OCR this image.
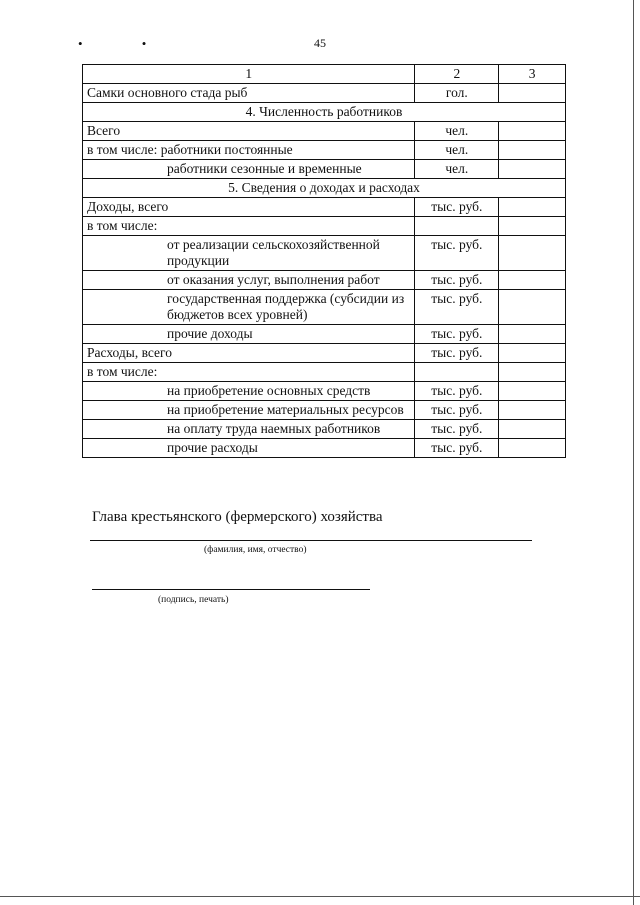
• •	45
1	2	3
Самки основного стада рыб	гол.	
4. Численность работников		
Всего	чел.	
в том числе: работники постоянные	чел.	
работники сезонные и временные	чел.	
5. Сведения о доходах и расходах		
Доходы, всего	тыс. руб.	
в том числе:		
от реализации сельскохозяйственной продукции	тыс. руб.	
от оказания услуг, выполнения работ	тыс. руб.	
государственная поддержка (субсидии из бюджетов всех уровней)	тыс. руб.	
прочие доходы	тыс. руб.	
Расходы, всего	тыс. руб.	
в том числе:		
на приобретение основных средств	тыс. руб.	
на приобретение материальных ресурсов	тыс. руб.	
на оплату труда наемных работников	тыс. руб.	
прочие расходы	тыс. руб.	
Глава крестьянского (фермерского) хозяйства
(фамилия, имя, отчество)
(подпись, печать)
